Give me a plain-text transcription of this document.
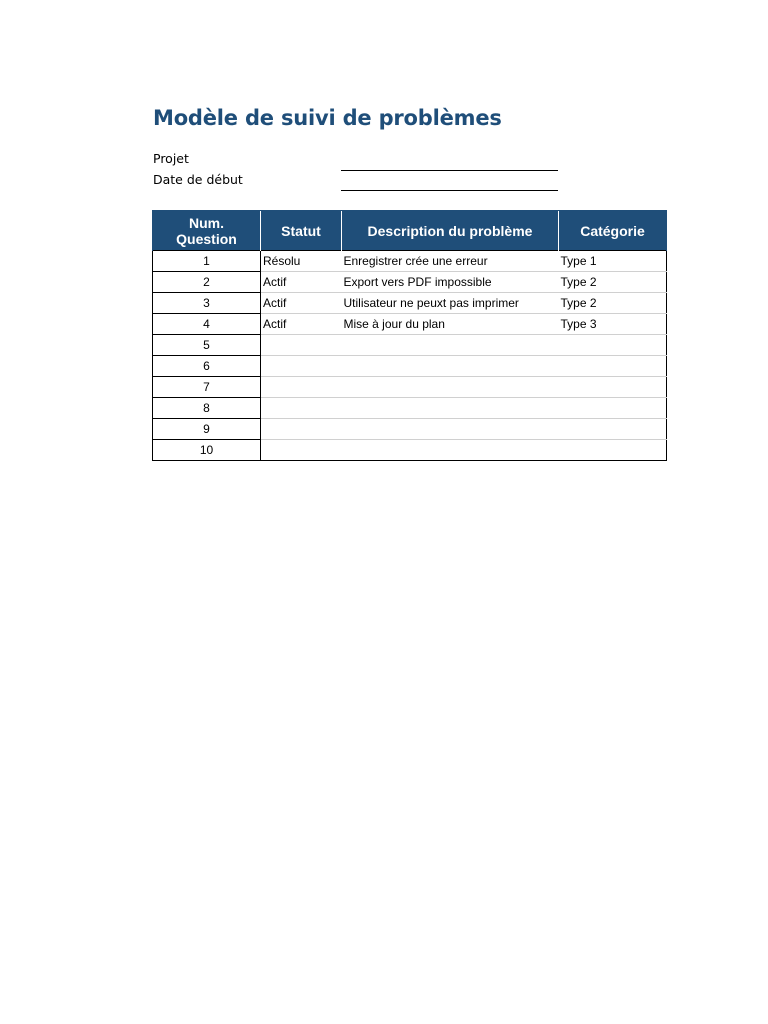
Modèle de suivi de problèmes
Projet
Date de début
Num.
Question	Statut	Description du problème	Catégorie
1	Résolu	Enregistrer crée une erreur	Type 1
2	Actif	Export vers PDF impossible	Type 2
3	Actif	Utilisateur ne peuxt pas imprimer	Type 2
4	Actif	Mise à jour du plan	Type 3
5			
6			
7			
8			
9			
10			
